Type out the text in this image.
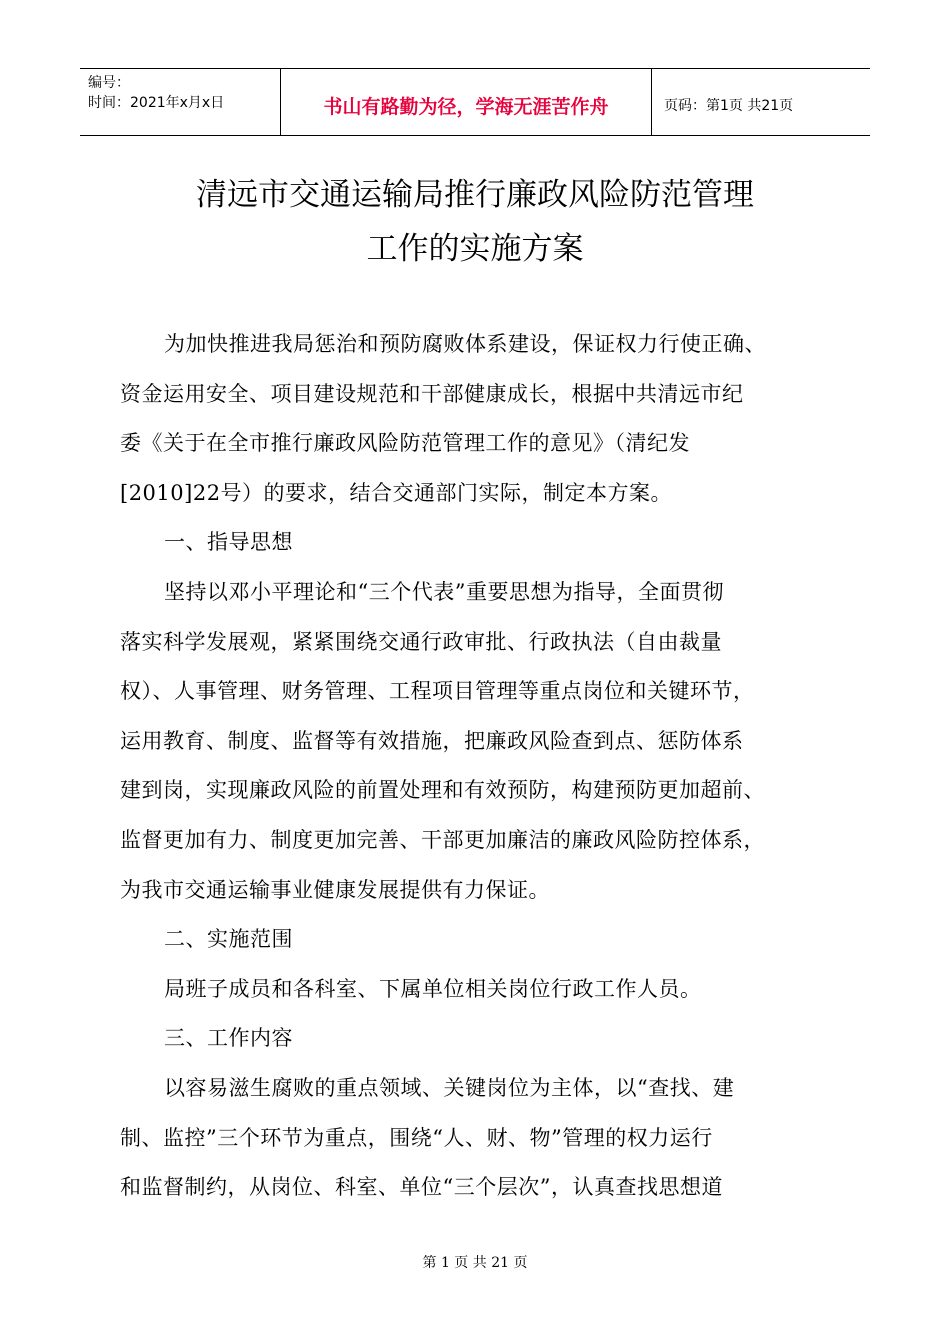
编号：
时间：2021年x月x日	书山有路勤为径，学海无涯苦作舟	页码：第1页 共21页
清远市交通运输局推行廉政风险防范管理
工作的实施方案
为加快推进我局惩治和预防腐败体系建设，保证权力行使正确、
资金运用安全、项目建设规范和干部健康成长，根据中共清远市纪
委《关于在全市推行廉政风险防范管理工作的意见》（清纪发
[2010]22号）的要求，结合交通部门实际，制定本方案。
一、指导思想
坚持以邓小平理论和“三个代表”重要思想为指导，全面贯彻
落实科学发展观，紧紧围绕交通行政审批、行政执法（自由裁量
权）、人事管理、财务管理、工程项目管理等重点岗位和关键环节，
运用教育、制度、监督等有效措施，把廉政风险查到点、惩防体系
建到岗，实现廉政风险的前置处理和有效预防，构建预防更加超前、
监督更加有力、制度更加完善、干部更加廉洁的廉政风险防控体系，
为我市交通运输事业健康发展提供有力保证。
二、实施范围
局班子成员和各科室、下属单位相关岗位行政工作人员。
三、工作内容
以容易滋生腐败的重点领域、关键岗位为主体，以“查找、建
制、监控”三个环节为重点，围绕“人、财、物”管理的权力运行
和监督制约，从岗位、科室、单位“三个层次”，认真查找思想道
第 1 页 共 21 页
